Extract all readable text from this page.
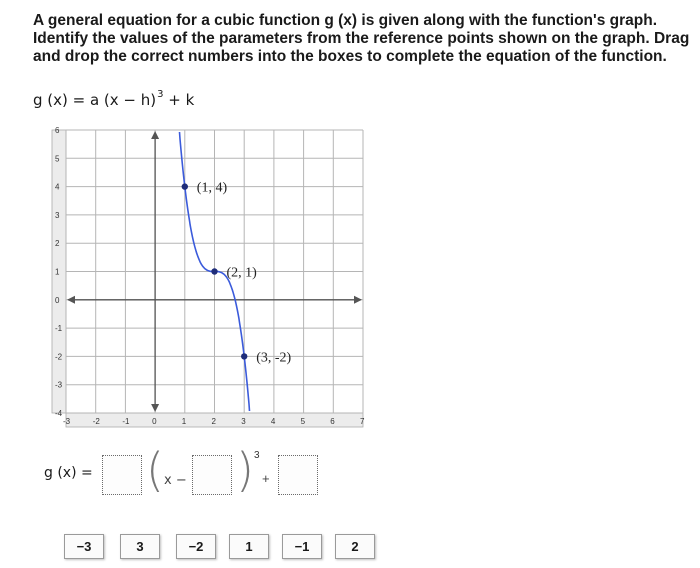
A general equation for a cubic function g (x) is given along with the function's graph.
Identify the values of the parameters from the reference points shown on the graph. Drag
and drop the correct numbers into the boxes to complete the equation of the function.
g (x) = a $(x - h)^3 + k$
-3	-2	-1	0	1	2	3	4	5	6	7
6
5
4
3
2
1
0
-1
-2
-3
-4
(1, 4)
(2, 1)
(3, -2)
g (x) = ( x − ) 3
+
−3	3	−2	1	−1	2
